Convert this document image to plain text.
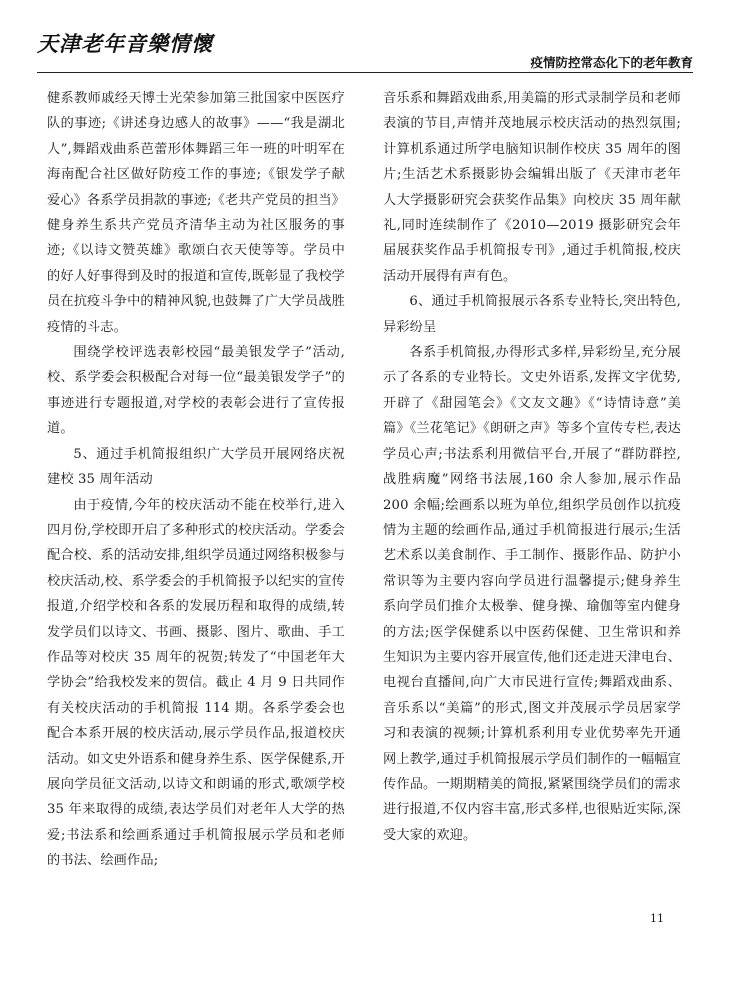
天津老年音樂情懷
疫情防控常态化下的老年教育

健系教师戚经天博士光荣参加第三批国家中医医疗队的事迹;《讲述身边感人的故事》——“我是湖北人”,舞蹈戏曲系芭蕾形体舞蹈三年一班的叶明军在海南配合社区做好防疫工作的事迹;《银发学子献爱心》各系学员捐款的事迹;《老共产党员的担当》健身养生系共产党员齐清华主动为社区服务的事迹;《以诗文赞英雄》歌颂白衣天使等等。学员中的好人好事得到及时的报道和宣传,既彰显了我校学员在抗疫斗争中的精神风貌,也鼓舞了广大学员战胜疫情的斗志。

围绕学校评选表彰校园“最美银发学子”活动,校、系学委会积极配合对每一位“最美银发学子”的事迹进行专题报道,对学校的表彰会进行了宣传报道。

5、通过手机简报组织广大学员开展网络庆祝建校 35 周年活动

由于疫情,今年的校庆活动不能在校举行,进入四月份,学校即开启了多种形式的校庆活动。学委会配合校、系的活动安排,组织学员通过网络积极参与校庆活动,校、系学委会的手机简报予以纪实的宣传报道,介绍学校和各系的发展历程和取得的成绩,转发学员们以诗文、书画、摄影、图片、歌曲、手工作品等对校庆 35 周年的祝贺;转发了“中国老年大学协会”给我校发来的贺信。截止 4 月 9 日共同作有关校庆活动的手机简报 114 期。各系学委会也配合本系开展的校庆活动,展示学员作品,报道校庆活动。如文史外语系和健身养生系、医学保健系,开展向学员征文活动,以诗文和朗诵的形式,歌颂学校 35 年来取得的成绩,表达学员们对老年人大学的热爱;书法系和绘画系通过手机简报展示学员和老师的书法、绘画作品;

音乐系和舞蹈戏曲系,用美篇的形式录制学员和老师表演的节目,声情并茂地展示校庆活动的热烈氛围;计算机系通过所学电脑知识制作校庆 35 周年的图片;生活艺术系摄影协会编辑出版了《天津市老年人大学摄影研究会获奖作品集》向校庆 35 周年献礼,同时连续制作了《2010—2019 摄影研究会年届展获奖作品手机简报专刊》,通过手机简报,校庆活动开展得有声有色。

6、通过手机简报展示各系专业特长,突出特色,异彩纷呈

各系手机简报,办得形式多样,异彩纷呈,充分展示了各系的专业特长。文史外语系,发挥文字优势,开辟了《甜园笔会》《文友文趣》《“诗情诗意”美篇》《兰花笔记》《朗研之声》等多个宣传专栏,表达学员心声;书法系利用微信平台,开展了“群防群控,战胜病魔”网络书法展,160 余人参加,展示作品 200 余幅;绘画系以班为单位,组织学员创作以抗疫情为主题的绘画作品,通过手机简报进行展示;生活艺术系以美食制作、手工制作、摄影作品、防护小常识等为主要内容向学员进行温馨提示;健身养生系向学员们推介太极拳、健身操、瑜伽等室内健身的方法;医学保健系以中医药保健、卫生常识和养生知识为主要内容开展宣传,他们还走进天津电台、电视台直播间,向广大市民进行宣传;舞蹈戏曲系、音乐系以“美篇”的形式,图文并茂展示学员居家学习和表演的视频;计算机系利用专业优势率先开通网上教学,通过手机简报展示学员们制作的一幅幅宣传作品。一期期精美的简报,紧紧围绕学员们的需求进行报道,不仅内容丰富,形式多样,也很贴近实际,深受大家的欢迎。

11
